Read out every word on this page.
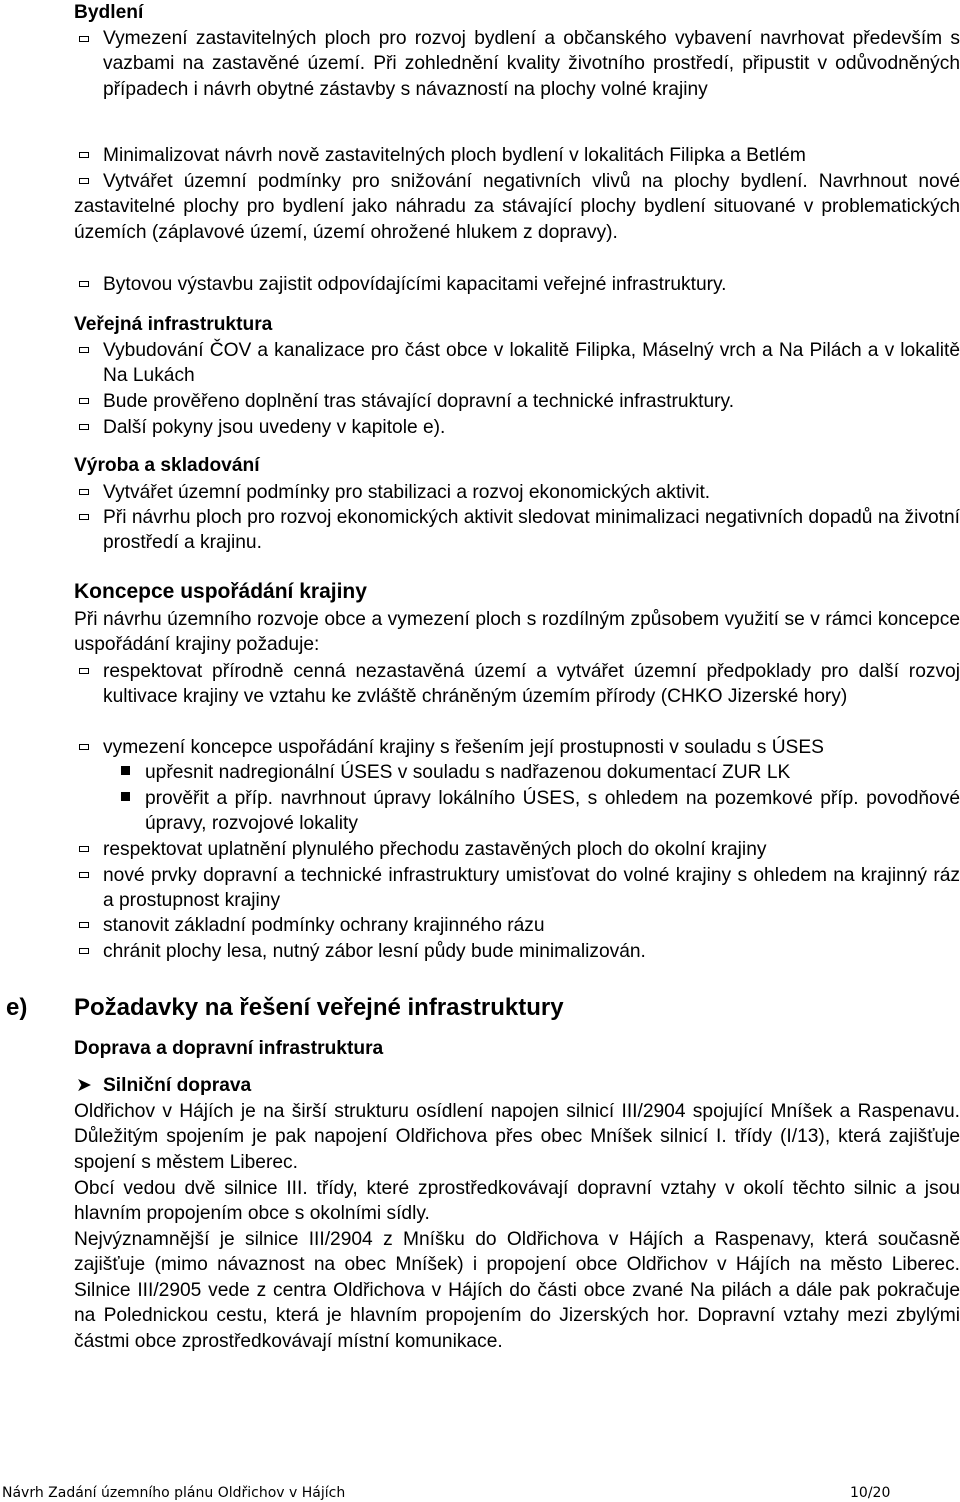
Bydlení
Vymezení zastavitelných ploch pro rozvoj bydlení a občanského vybavení navrhovat především s vazbami na zastavěné území. Při zohlednění kvality životního prostředí, připustit v odůvodněných případech i návrh obytné zástavby s návazností na plochy volné krajiny
Minimalizovat návrh nově zastavitelných ploch bydlení v lokalitách Filipka a Betlém
Vytvářet územní podmínky pro snižování negativních vlivů na plochy bydlení. Navrhnout nové zastavitelné plochy pro bydlení jako náhradu za stávající plochy bydlení situované v problematických územích (záplavové území, území ohrožené hlukem z dopravy).
Bytovou výstavbu zajistit odpovídajícími kapacitami veřejné infrastruktury.
Veřejná infrastruktura
Vybudování ČOV a kanalizace pro část obce v lokalitě Filipka, Máselný vrch a Na Pilách a v lokalitě Na Lukách
Bude prověřeno doplnění tras stávající dopravní a technické infrastruktury.
Další pokyny jsou uvedeny v kapitole e).
Výroba a skladování
Vytvářet územní podmínky pro stabilizaci a rozvoj ekonomických aktivit.
Při návrhu ploch pro rozvoj ekonomických aktivit sledovat minimalizaci negativních dopadů na životní prostředí a krajinu.
Koncepce uspořádání krajiny
Při návrhu územního rozvoje obce a vymezení ploch s rozdílným způsobem využití se v rámci koncepce uspořádání krajiny požaduje:
respektovat přírodně cenná nezastavěná území a vytvářet územní předpoklady pro další rozvoj kultivace krajiny ve vztahu ke zvláště chráněným územím přírody (CHKO Jizerské hory)
vymezení koncepce uspořádání krajiny s řešením její prostupnosti v souladu s ÚSES
upřesnit nadregionální ÚSES v souladu s nadřazenou dokumentací ZUR LK
prověřit a příp. navrhnout úpravy lokálního ÚSES, s ohledem na pozemkové příp. povodňové úpravy, rozvojové lokality
respektovat uplatnění plynulého přechodu zastavěných ploch do okolní krajiny
nové prvky dopravní a technické infrastruktury umisťovat do volné krajiny s ohledem na krajinný ráz a prostupnost krajiny
stanovit základní podmínky ochrany krajinného rázu
chránit plochy lesa, nutný zábor lesní půdy bude minimalizován.
e) Požadavky na řešení veřejné infrastruktury
Doprava a dopravní infrastruktura
➤ Silniční doprava
Oldřichov v Hájích je na širší strukturu osídlení napojen silnicí III/2904 spojující Mníšek a Raspenavu. Důležitým spojením je pak napojení Oldřichova přes obec Mníšek silnicí I. třídy (I/13), která zajišťuje spojení s městem Liberec.
Obcí vedou dvě silnice III. třídy, které zprostředkovávají dopravní vztahy v okolí těchto silnic a jsou hlavním propojením obce s okolními sídly.
Nejvýznamnější je silnice III/2904 z Mníšku do Oldřichova v Hájích a Raspenavy, která současně zajišťuje (mimo návaznost na obec Mníšek) i propojení obce Oldřichov v Hájích na město Liberec. Silnice III/2905 vede z centra Oldřichova v Hájích do části obce zvané Na pilách a dále pak pokračuje na Polednickou cestu, která je hlavním propojením do Jizerských hor. Dopravní vztahy mezi zbylými částmi obce zprostředkovávají místní komunikace.
Návrh Zadání územního plánu Oldřichov v Hájích	10/20
